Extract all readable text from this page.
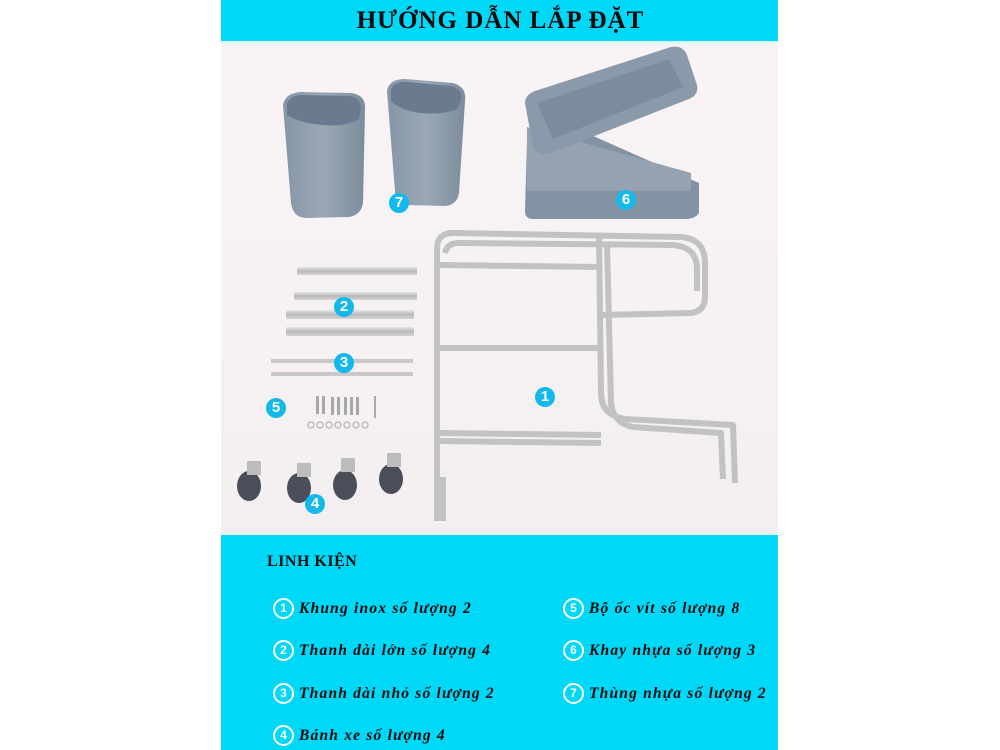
HƯỚNG DẪN LẮP ĐẶT
7	6
2
3
5
1
4
LINH KIỆN
1 Khung inox số lượng 2
2 Thanh dài lớn số lượng 4
3 Thanh dài nhỏ số lượng 2
4 Bánh xe số lượng 4
5 Bộ ốc vít số lượng 8
6 Khay nhựa số lượng 3
7 Thùng nhựa số lượng 2
